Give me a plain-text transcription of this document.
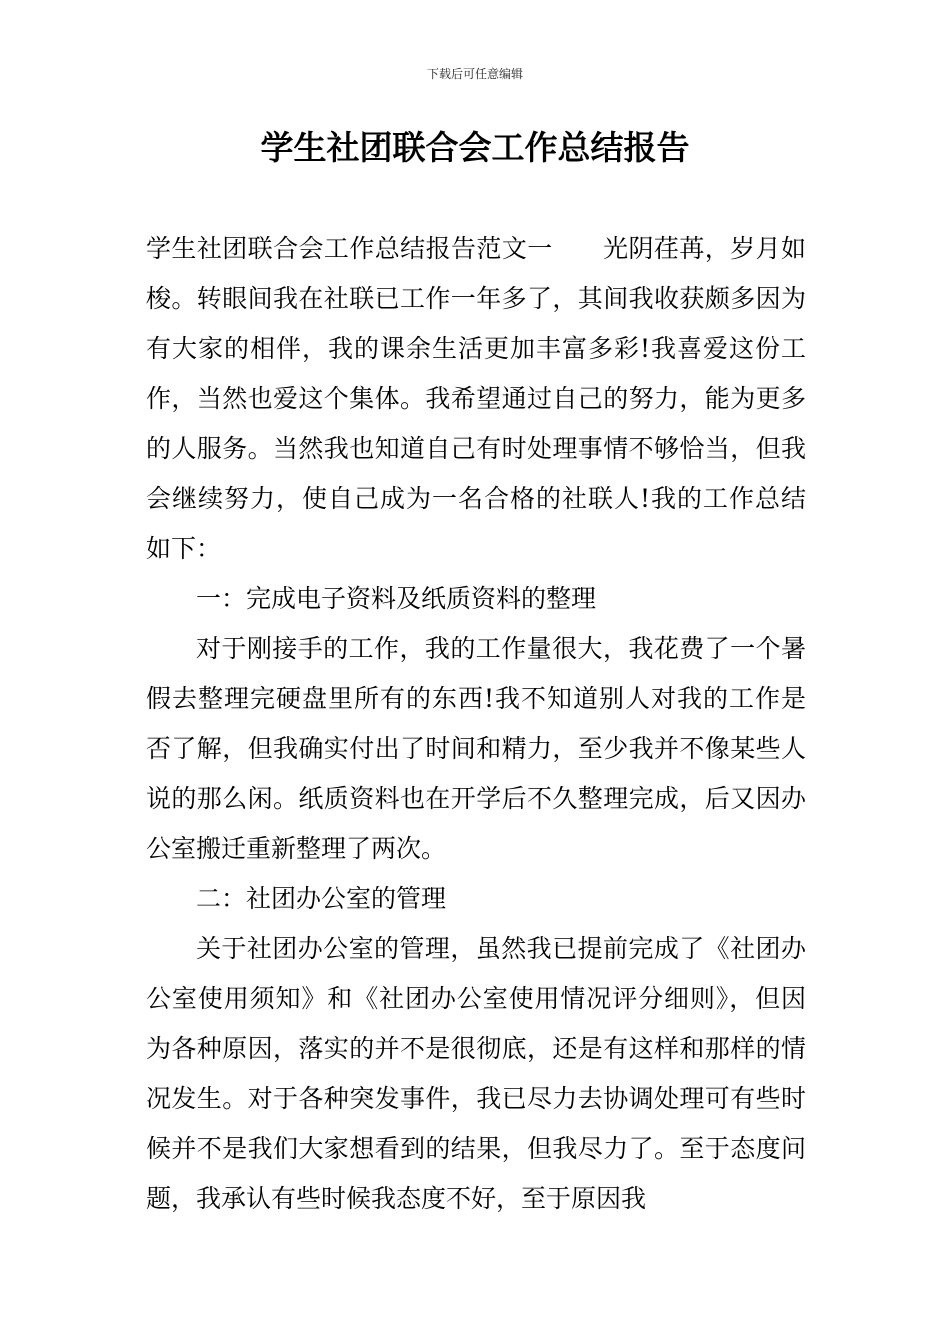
下载后可任意编辑
学生社团联合会工作总结报告

学生社团联合会工作总结报告范文一 光阴荏苒，岁月如梭。转眼间我在社联已工作一年多了，其间我收获颇多因为有大家的相伴，我的课余生活更加丰富多彩!我喜爱这份工作，当然也爱这个集体。我希望通过自己的努力，能为更多的人服务。当然我也知道自己有时处理事情不够恰当，但我会继续努力，使自己成为一名合格的社联人!我的工作总结如下：

一：完成电子资料及纸质资料的整理

对于刚接手的工作，我的工作量很大，我花费了一个暑假去整理完硬盘里所有的东西!我不知道别人对我的工作是否了解，但我确实付出了时间和精力，至少我并不像某些人说的那么闲。纸质资料也在开学后不久整理完成，后又因办公室搬迁重新整理了两次。

二：社团办公室的管理

关于社团办公室的管理，虽然我已提前完成了《社团办公室使用须知》和《社团办公室使用情况评分细则》，但因为各种原因，落实的并不是很彻底，还是有这样和那样的情况发生。对于各种突发事件，我已尽力去协调处理可有些时候并不是我们大家想看到的结果，但我尽力了。至于态度问题，我承认有些时候我态度不好，至于原因我
